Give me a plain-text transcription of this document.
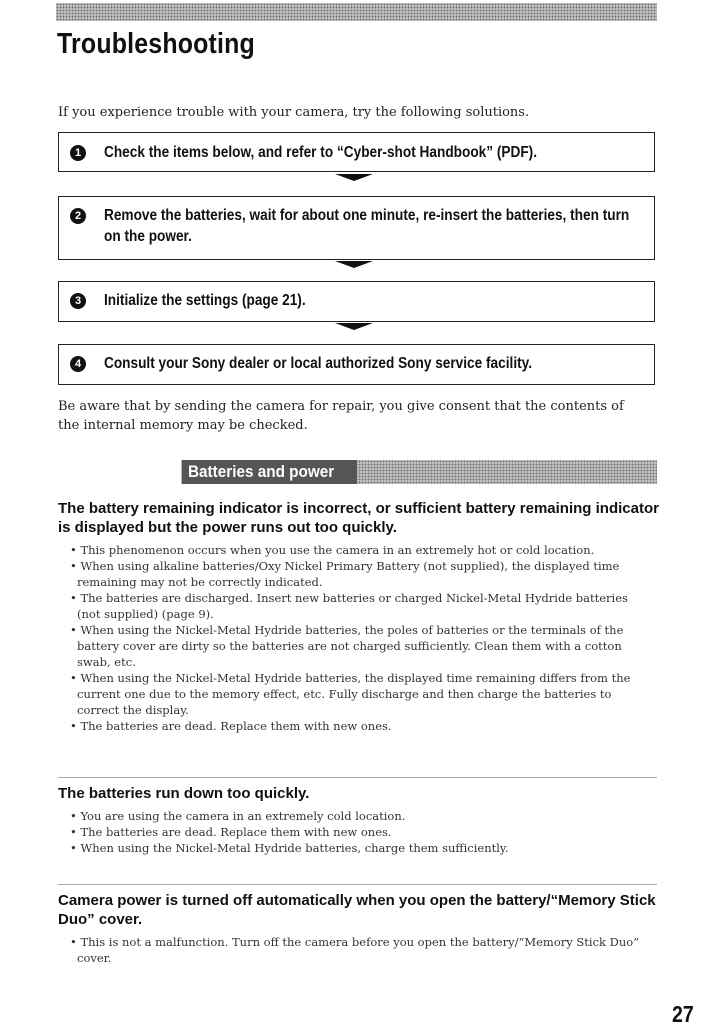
Troubleshooting

If you experience trouble with your camera, try the following solutions.

1	Check the items below, and refer to “Cyber-shot Handbook” (PDF).

2	Remove the batteries, wait for about one minute, re-insert the batteries, then turn on the power.

3	Initialize the settings (page 21).

4	Consult your Sony dealer or local authorized Sony service facility.

Be aware that by sending the camera for repair, you give consent that the contents of the internal memory may be checked.

Batteries and power
The battery remaining indicator is incorrect, or sufficient battery remaining indicator is displayed but the power runs out too quickly.
• This phenomenon occurs when you use the camera in an extremely hot or cold location.
• When using alkaline batteries/Oxy Nickel Primary Battery (not supplied), the displayed time remaining may not be correctly indicated.
• The batteries are discharged. Insert new batteries or charged Nickel-Metal Hydride batteries (not supplied) (page 9).
• When using the Nickel-Metal Hydride batteries, the poles of batteries or the terminals of the battery cover are dirty so the batteries are not charged sufficiently. Clean them with a cotton swab, etc.
• When using the Nickel-Metal Hydride batteries, the displayed time remaining differs from the current one due to the memory effect, etc. Fully discharge and then charge the batteries to correct the display.
• The batteries are dead. Replace them with new ones.
The batteries run down too quickly.
• You are using the camera in an extremely cold location.
• The batteries are dead. Replace them with new ones.
• When using the Nickel-Metal Hydride batteries, charge them sufficiently.
Camera power is turned off automatically when you open the battery/“Memory Stick Duo” cover.
• This is not a malfunction. Turn off the camera before you open the battery/“Memory Stick Duo” cover.

27
